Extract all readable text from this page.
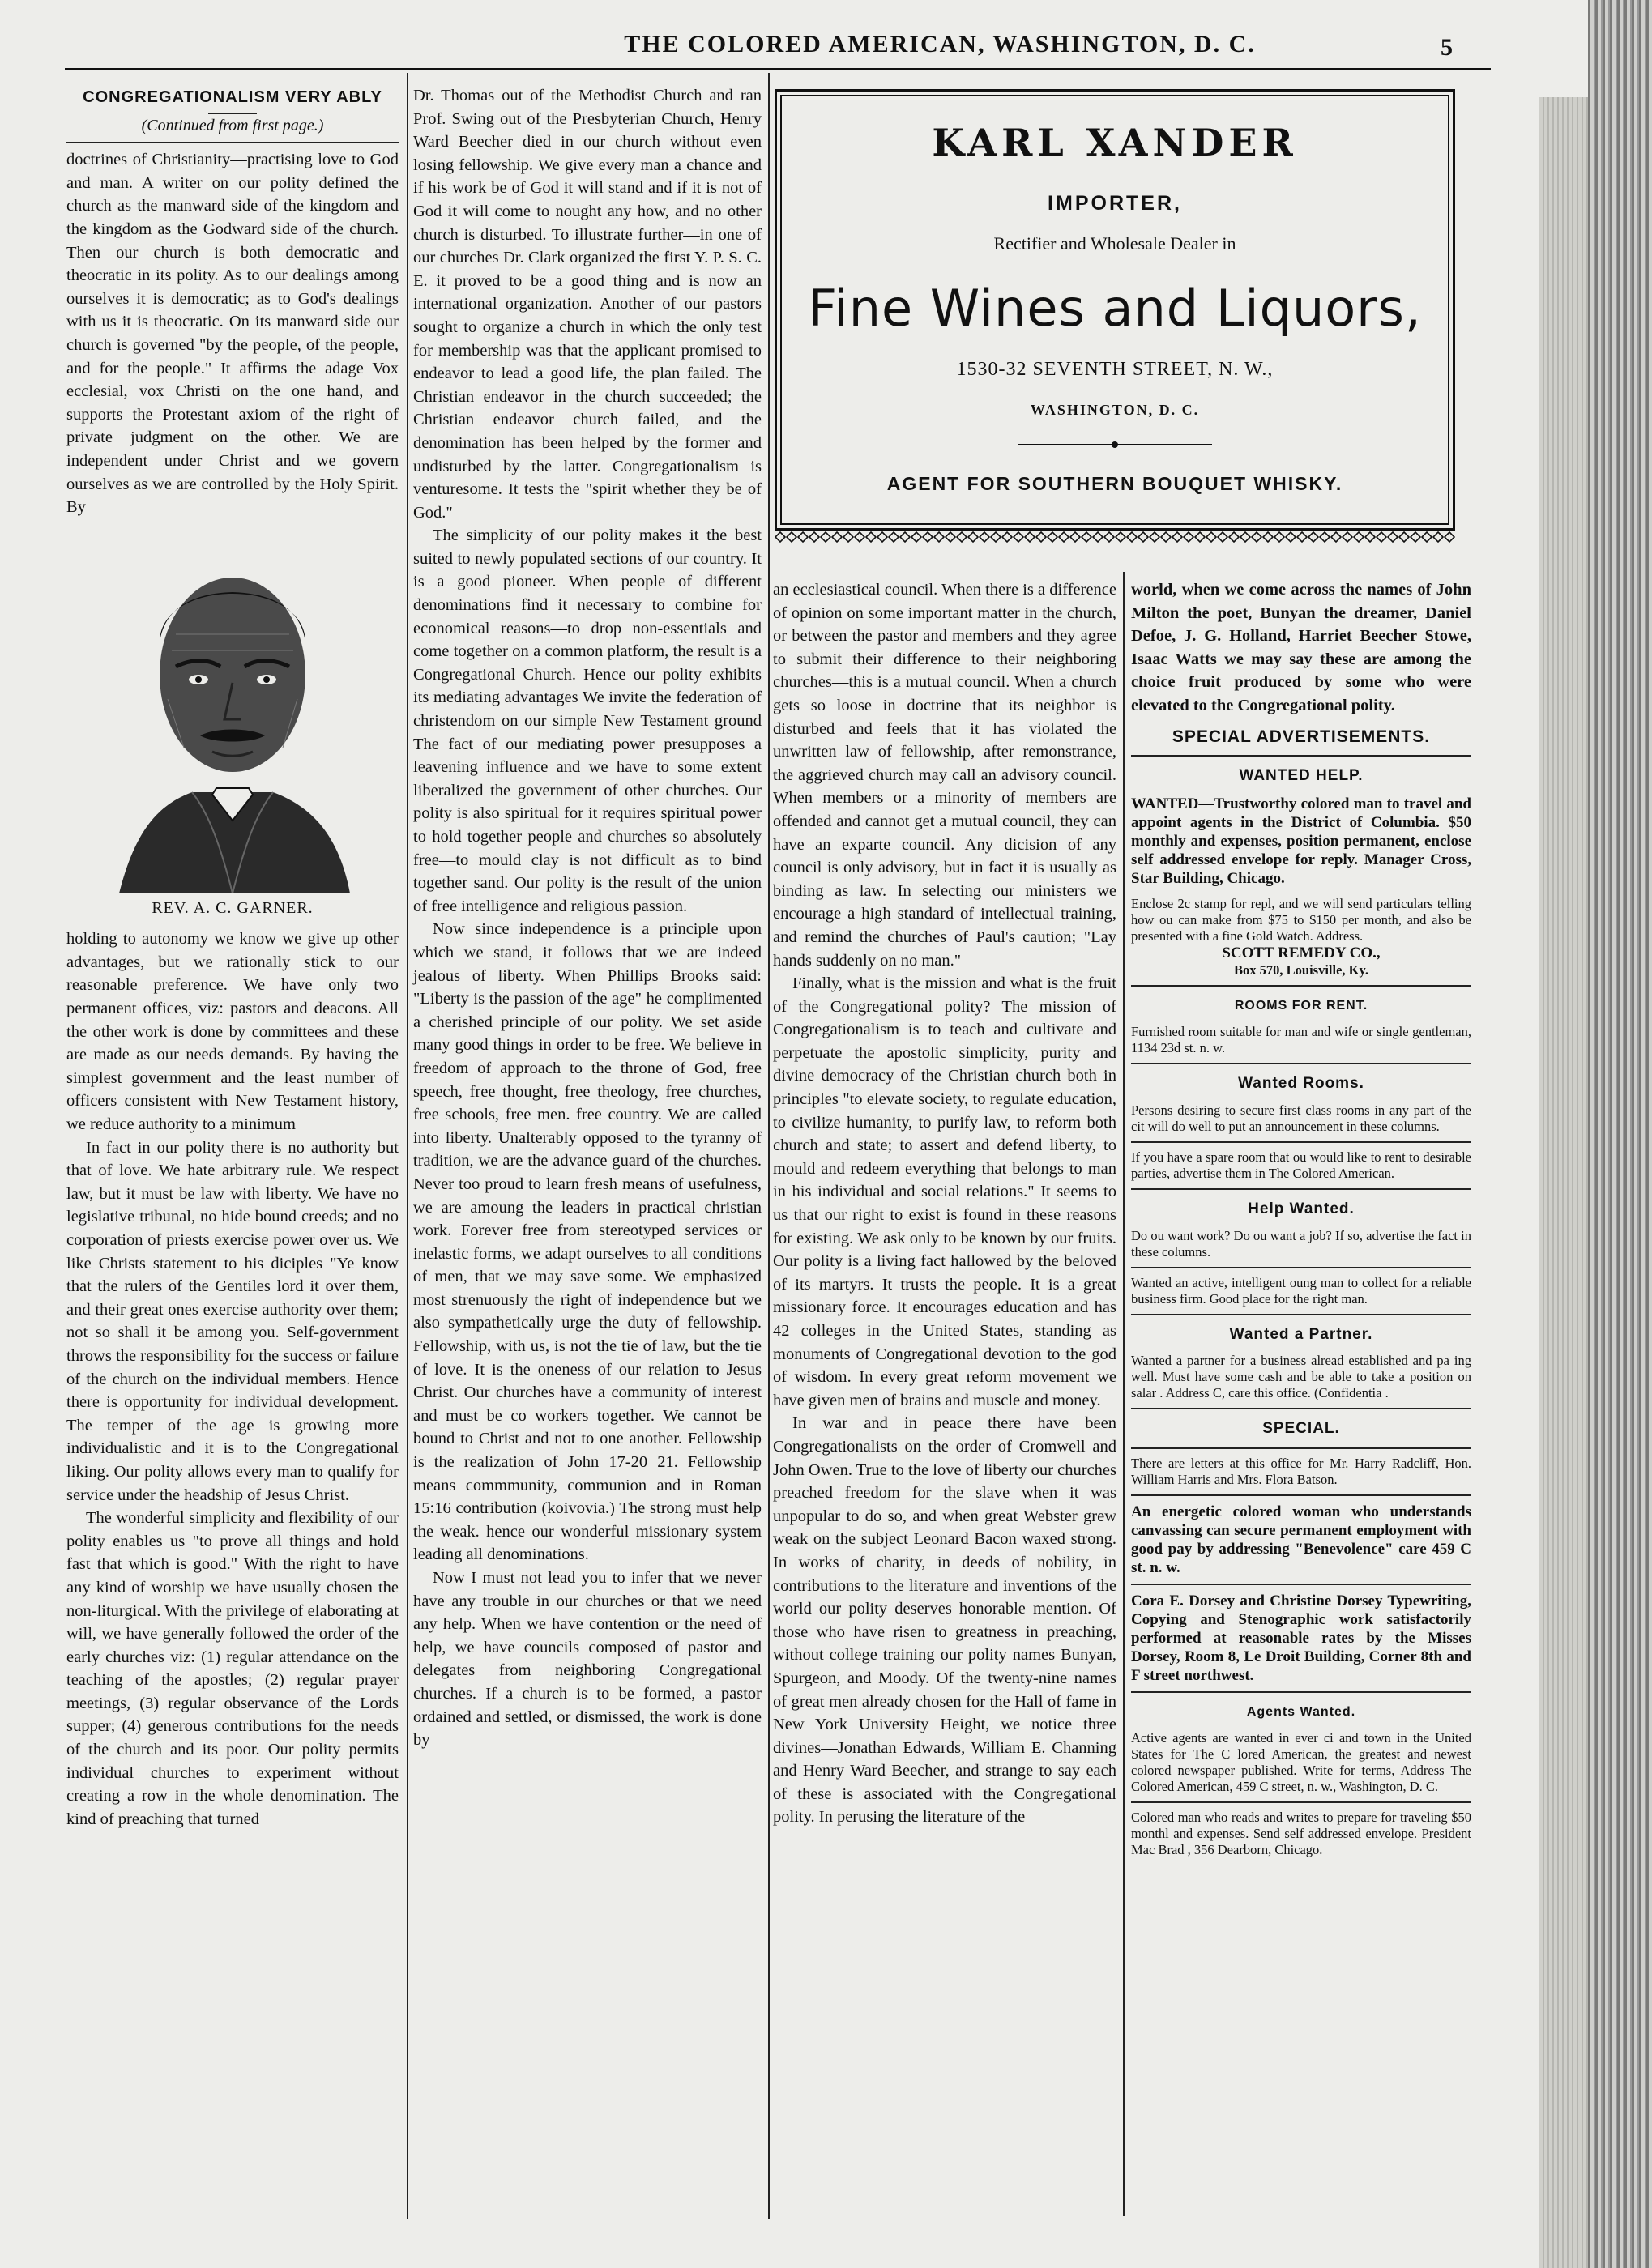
THE COLORED AMERICAN, WASHINGTON, D. C.	5
CONGREGATIONALISM VERY ABLY
(Continued from first page.)

doctrines of Christianity—practising love to God and man. A writer on our polity defined the church as the manward side of the kingdom and the kingdom as the Godward side of the church. Then our church is both democratic and theocratic in its polity. As to our dealings among ourselves it is democratic; as to God's dealings with us it is theocratic. On its manward side our church is governed "by the people, of the people, and for the people." It affirms the adage Vox ecclesial, vox Christi on the one hand, and supports the Protestant axiom of the right of private judgment on the other. We are independent under Christ and we govern ourselves as we are controlled by the Holy Spirit. By

REV. A. C. GARNER.

holding to autonomy we know we give up other advantages, but we rationally stick to our reasonable preference. We have only two permanent offices, viz: pastors and deacons. All the other work is done by committees and these are made as our needs demands. By having the simplest government and the least number of officers consistent with New Testament history, we reduce authority to a minimum

In fact in our polity there is no authority but that of love. We hate arbitrary rule. We respect law, but it must be law with liberty. We have no legislative tribunal, no hide bound creeds; and no corporation of priests exercise power over us. We like Christs statement to his diciples "Ye know that the rulers of the Gentiles lord it over them, and their great ones exercise authority over them; not so shall it be among you. Self-government throws the responsibility for the success or failure of the church on the individual members. Hence there is opportunity for individual development. The temper of the age is growing more individualistic and it is to the Congregational liking. Our polity allows every man to qualify for service under the headship of Jesus Christ.

The wonderful simplicity and flexibility of our polity enables us "to prove all things and hold fast that which is good." With the right to have any kind of worship we have usually chosen the non-liturgical. With the privilege of elaborating at will, we have generally followed the order of the early churches viz: (1) regular attendance on the teaching of the apostles; (2) regular prayer meetings, (3) regular observance of the Lords supper; (4) generous contributions for the needs of the church and its poor. Our polity permits individual churches to experiment without creating a row in the whole denomination. The kind of preaching that turned

Dr. Thomas out of the Methodist Church and ran Prof. Swing out of the Presbyterian Church, Henry Ward Beecher died in our church without even losing fellowship. We give every man a chance and if his work be of God it will stand and if it is not of God it will come to nought any how, and no other church is disturbed. To illustrate further—in one of our churches Dr. Clark organized the first Y. P. S. C. E. it proved to be a good thing and is now an international organization. Another of our pastors sought to organize a church in which the only test for membership was that the applicant promised to endeavor to lead a good life, the plan failed. The Christian endeavor in the church succeeded; the Christian endeavor church failed, and the denomination has been helped by the former and undisturbed by the latter. Congregationalism is venturesome. It tests the "spirit whether they be of God."

The simplicity of our polity makes it the best suited to newly populated sections of our country. It is a good pioneer. When people of different denominations find it necessary to combine for economical reasons—to drop non-essentials and come together on a common platform, the result is a Congregational Church. Hence our polity exhibits its mediating advantages We invite the federation of christendom on our simple New Testament ground The fact of our mediating power presupposes a leavening influence and we have to some extent liberalized the government of other churches. Our polity is also spiritual for it requires spiritual power to hold together people and churches so absolutely free—to mould clay is not difficult as to bind together sand. Our polity is the result of the union of free intelligence and religious passion.

Now since independence is a principle upon which we stand, it follows that we are indeed jealous of liberty. When Phillips Brooks said: "Liberty is the passion of the age" he complimented a cherished principle of our polity. We set aside many good things in order to be free. We believe in freedom of approach to the throne of God, free speech, free thought, free theology, free churches, free schools, free men. free country. We are called into liberty. Unalterably opposed to the tyranny of tradition, we are the advance guard of the churches. Never too proud to learn fresh means of usefulness, we are amoung the leaders in practical christian work. Forever free from stereotyped services or inelastic forms, we adapt ourselves to all conditions of men, that we may save some. We emphasized most strenuously the right of independence but we also sympathetically urge the duty of fellowship. Fellowship, with us, is not the tie of law, but the tie of love. It is the oneness of our relation to Jesus Christ. Our churches have a community of interest and must be co workers together. We cannot be bound to Christ and not to one another. Fellowship is the realization of John 17-20 21. Fellowship means commmunity, communion and in Roman 15:16 contribution (koivovia.) The strong must help the weak. hence our wonderful missionary system leading all denominations.

Now I must not lead you to infer that we never have any trouble in our churches or that we need any help. When we have contention or the need of help, we have councils composed of pastor and delegates from neighboring Congregational churches. If a church is to be formed, a pastor ordained and settled, or dismissed, the work is done by

KARL XANDER
IMPORTER,
Rectifier and Wholesale Dealer in
Fine Wines and Liquors,
1530-32 SEVENTH STREET, N. W.,
WASHINGTON, D. C.
AGENT FOR SOUTHERN BOUQUET WHISKY.

an ecclesiastical council. When there is a difference of opinion on some important matter in the church, or between the pastor and members and they agree to submit their difference to their neighboring churches—this is a mutual council. When a church gets so loose in doctrine that its neighbor is disturbed and feels that it has violated the unwritten law of fellowship, after remonstrance, the aggrieved church may call an advisory council. When members or a minority of members are offended and cannot get a mutual council, they can have an exparte council. Any dicision of any council is only advisory, but in fact it is usually as binding as law. In selecting our ministers we encourage a high standard of intellectual training, and remind the churches of Paul's caution; "Lay hands suddenly on no man."

Finally, what is the mission and what is the fruit of the Congregational polity? The mission of Congregationalism is to teach and cultivate and perpetuate the apostolic simplicity, purity and divine democracy of the Christian church both in principles "to elevate society, to regulate education, to civilize humanity, to purify law, to reform both church and state; to assert and defend liberty, to mould and redeem everything that belongs to man in his individual and social relations." It seems to us that our right to exist is found in these reasons for existing. We ask only to be known by our fruits. Our polity is a living fact hallowed by the beloved of its martyrs. It trusts the people. It is a great missionary force. It encourages education and has 42 colleges in the United States, standing as monuments of Congregational devotion to the god of wisdom. In every great reform movement we have given men of brains and muscle and money.

In war and in peace there have been Congregationalists on the order of Cromwell and John Owen. True to the love of liberty our churches preached freedom for the slave when it was unpopular to do so, and when great Webster grew weak on the subject Leonard Bacon waxed strong. In works of charity, in deeds of nobility, in contributions to the literature and inventions of the world our polity deserves honorable mention. Of those who have risen to greatness in preaching, without college training our polity names Bunyan, Spurgeon, and Moody. Of the twenty-nine names of great men already chosen for the Hall of fame in New York University Height, we notice three divines—Jonathan Edwards, William E. Channing and Henry Ward Beecher, and strange to say each of these is associated with the Congregational polity. In perusing the literature of the

world, when we come across the names of John Milton the poet, Bunyan the dreamer, Daniel Defoe, J. G. Holland, Harriet Beecher Stowe, Isaac Watts we may say these are among the choice fruit produced by some who were elevated to the Congregational polity.

SPECIAL ADVERTISEMENTS.
WANTED HELP.

WANTED—Trustworthy colored man to travel and appoint agents in the District of Columbia. $50 monthly and expenses, position permanent, enclose self addressed envelope for reply. Manager Cross, Star Building, Chicago.

Enclose 2c stamp for repl, and we will send particulars telling how ou can make from $75 to $150 per month, and also be presented with a fine Gold Watch. Address.

SCOTT REMEDY CO.,
Box 570, Louisville, Ky.
ROOMS FOR RENT.

Furnished room suitable for man and wife or single gentleman, 1134 23d st. n. w.

Wanted Rooms.

Persons desiring to secure first class rooms in any part of the cit will do well to put an announcement in these columns.

If you have a spare room that ou would like to rent to desirable parties, advertise them in The Colored American.

Help Wanted.

Do ou want work? Do ou want a job? If so, advertise the fact in these columns.

Wanted an active, intelligent oung man to collect for a reliable business firm. Good place for the right man.

Wanted a Partner.

Wanted a partner for a business alread established and pa ing well. Must have some cash and be able to take a position on salar . Address C, care this office. (Confidentia .

SPECIAL.

There are letters at this office for Mr. Harry Radcliff, Hon. William Harris and Mrs. Flora Batson.

An energetic colored woman who understands canvassing can secure permanent employment with good pay by addressing "Benevolence" care 459 C st. n. w.

Cora E. Dorsey and Christine Dorsey Typewriting, Copying and Stenographic work satisfactorily performed at reasonable rates by the Misses Dorsey, Room 8, Le Droit Building, Corner 8th and F street northwest.

Agents Wanted.

Active agents are wanted in ever ci and town in the United States for The C lored American, the greatest and newest colored newspaper published. Write for terms, Address The Colored American, 459 C street, n. w., Washington, D. C.

Colored man who reads and writes to prepare for traveling $50 monthl and expenses. Send self addressed envelope. President Mac Brad , 356 Dearborn, Chicago.
